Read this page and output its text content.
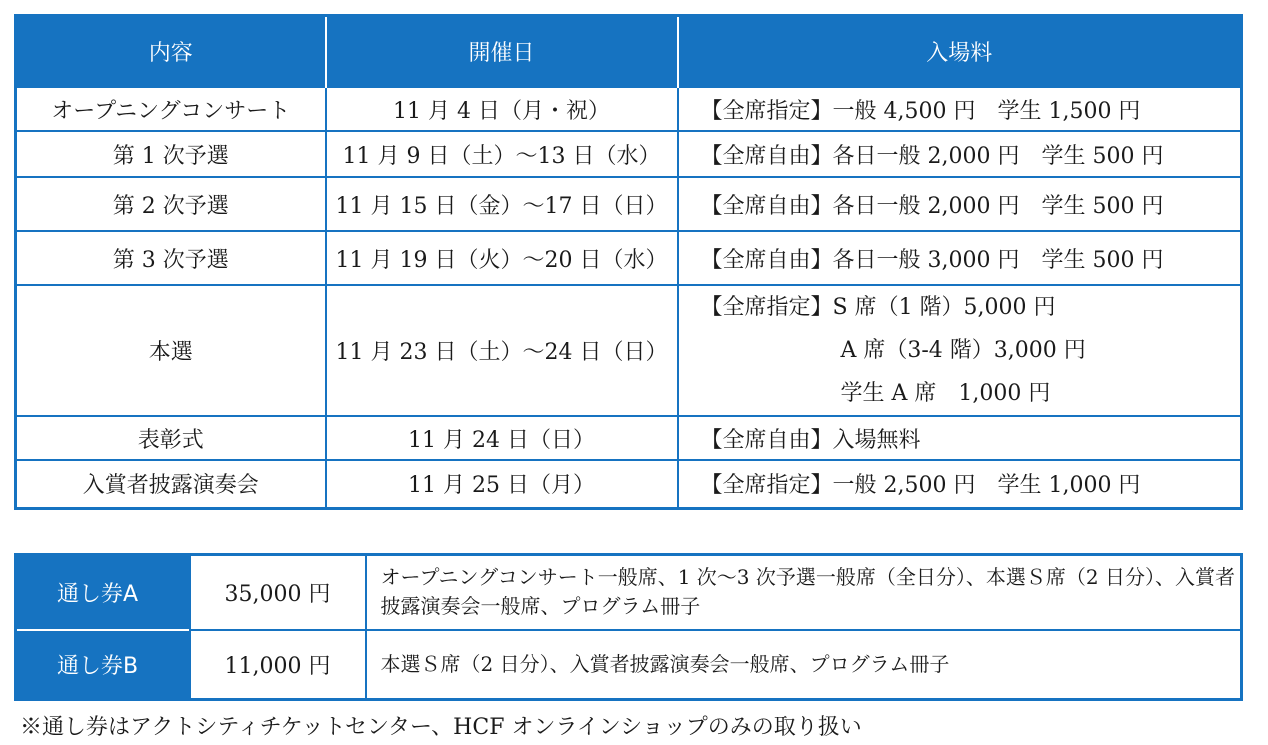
内容	開催日	入場料
オープニングコンサート	11 月 4 日（月・祝）	【全席指定】一般 4,500 円　学生 1,500 円
第 1 次予選	11 月 9 日（土）～13 日（水）	【全席自由】各日一般 2,000 円　学生 500 円
第 2 次予選	11 月 15 日（金）～17 日（日）	【全席自由】各日一般 2,000 円　学生 500 円
第 3 次予選	11 月 19 日（火）～20 日（水）	【全席自由】各日一般 3,000 円　学生 500 円
本選	11 月 23 日（土）～24 日（日）	【全席指定】S 席（1 階）5,000 円
A 席（3-4 階）3,000 円
学生 A 席　1,000 円

表彰式	11 月 24 日（日）	【全席自由】入場無料
入賞者披露演奏会	11 月 25 日（月）	【全席指定】一般 2,500 円　学生 1,000 円
通し券A	35,000 円	オープニングコンサート一般席、1 次～3 次予選一般席（全日分）、本選Ｓ席（2 日分）、入賞者披露演奏会一般席、プログラム冊子
通し券B	11,000 円	本選Ｓ席（2 日分）、入賞者披露演奏会一般席、プログラム冊子
※通し券はアクトシティチケットセンター、HCF オンラインショップのみの取り扱い
